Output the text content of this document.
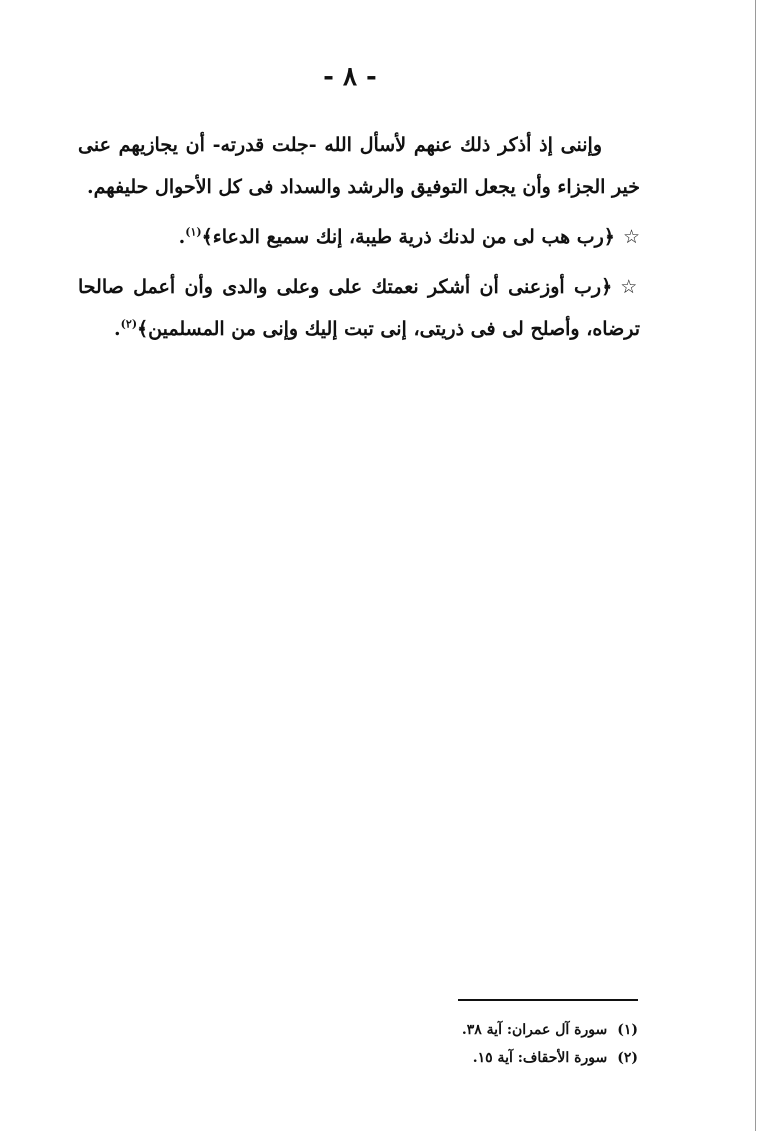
- ٨ -

وإننى إذ أذكر ذلك عنهم لأسأل الله -جلت قدرته- أن يجازيهم عنى خير الجزاء وأن يجعل التوفيق والرشد والسداد فى كل الأحوال حليفهم.

☆﴿رب هب لى من لدنك ذرية طيبة، إنك سميع الدعاء﴾$^{(١)}$.

☆﴿رب أوزعنى أن أشكر نعمتك على وعلى والدى وأن أعمل صالحا ترضاه، وأصلح لى فى ذريتى، إنى تبت إليك وإنى من المسلمين﴾$^{(٢)}$.

(١)سورة آل عمران: آية ٣٨.

(٢)سورة الأحقاف: آية ١٥.
